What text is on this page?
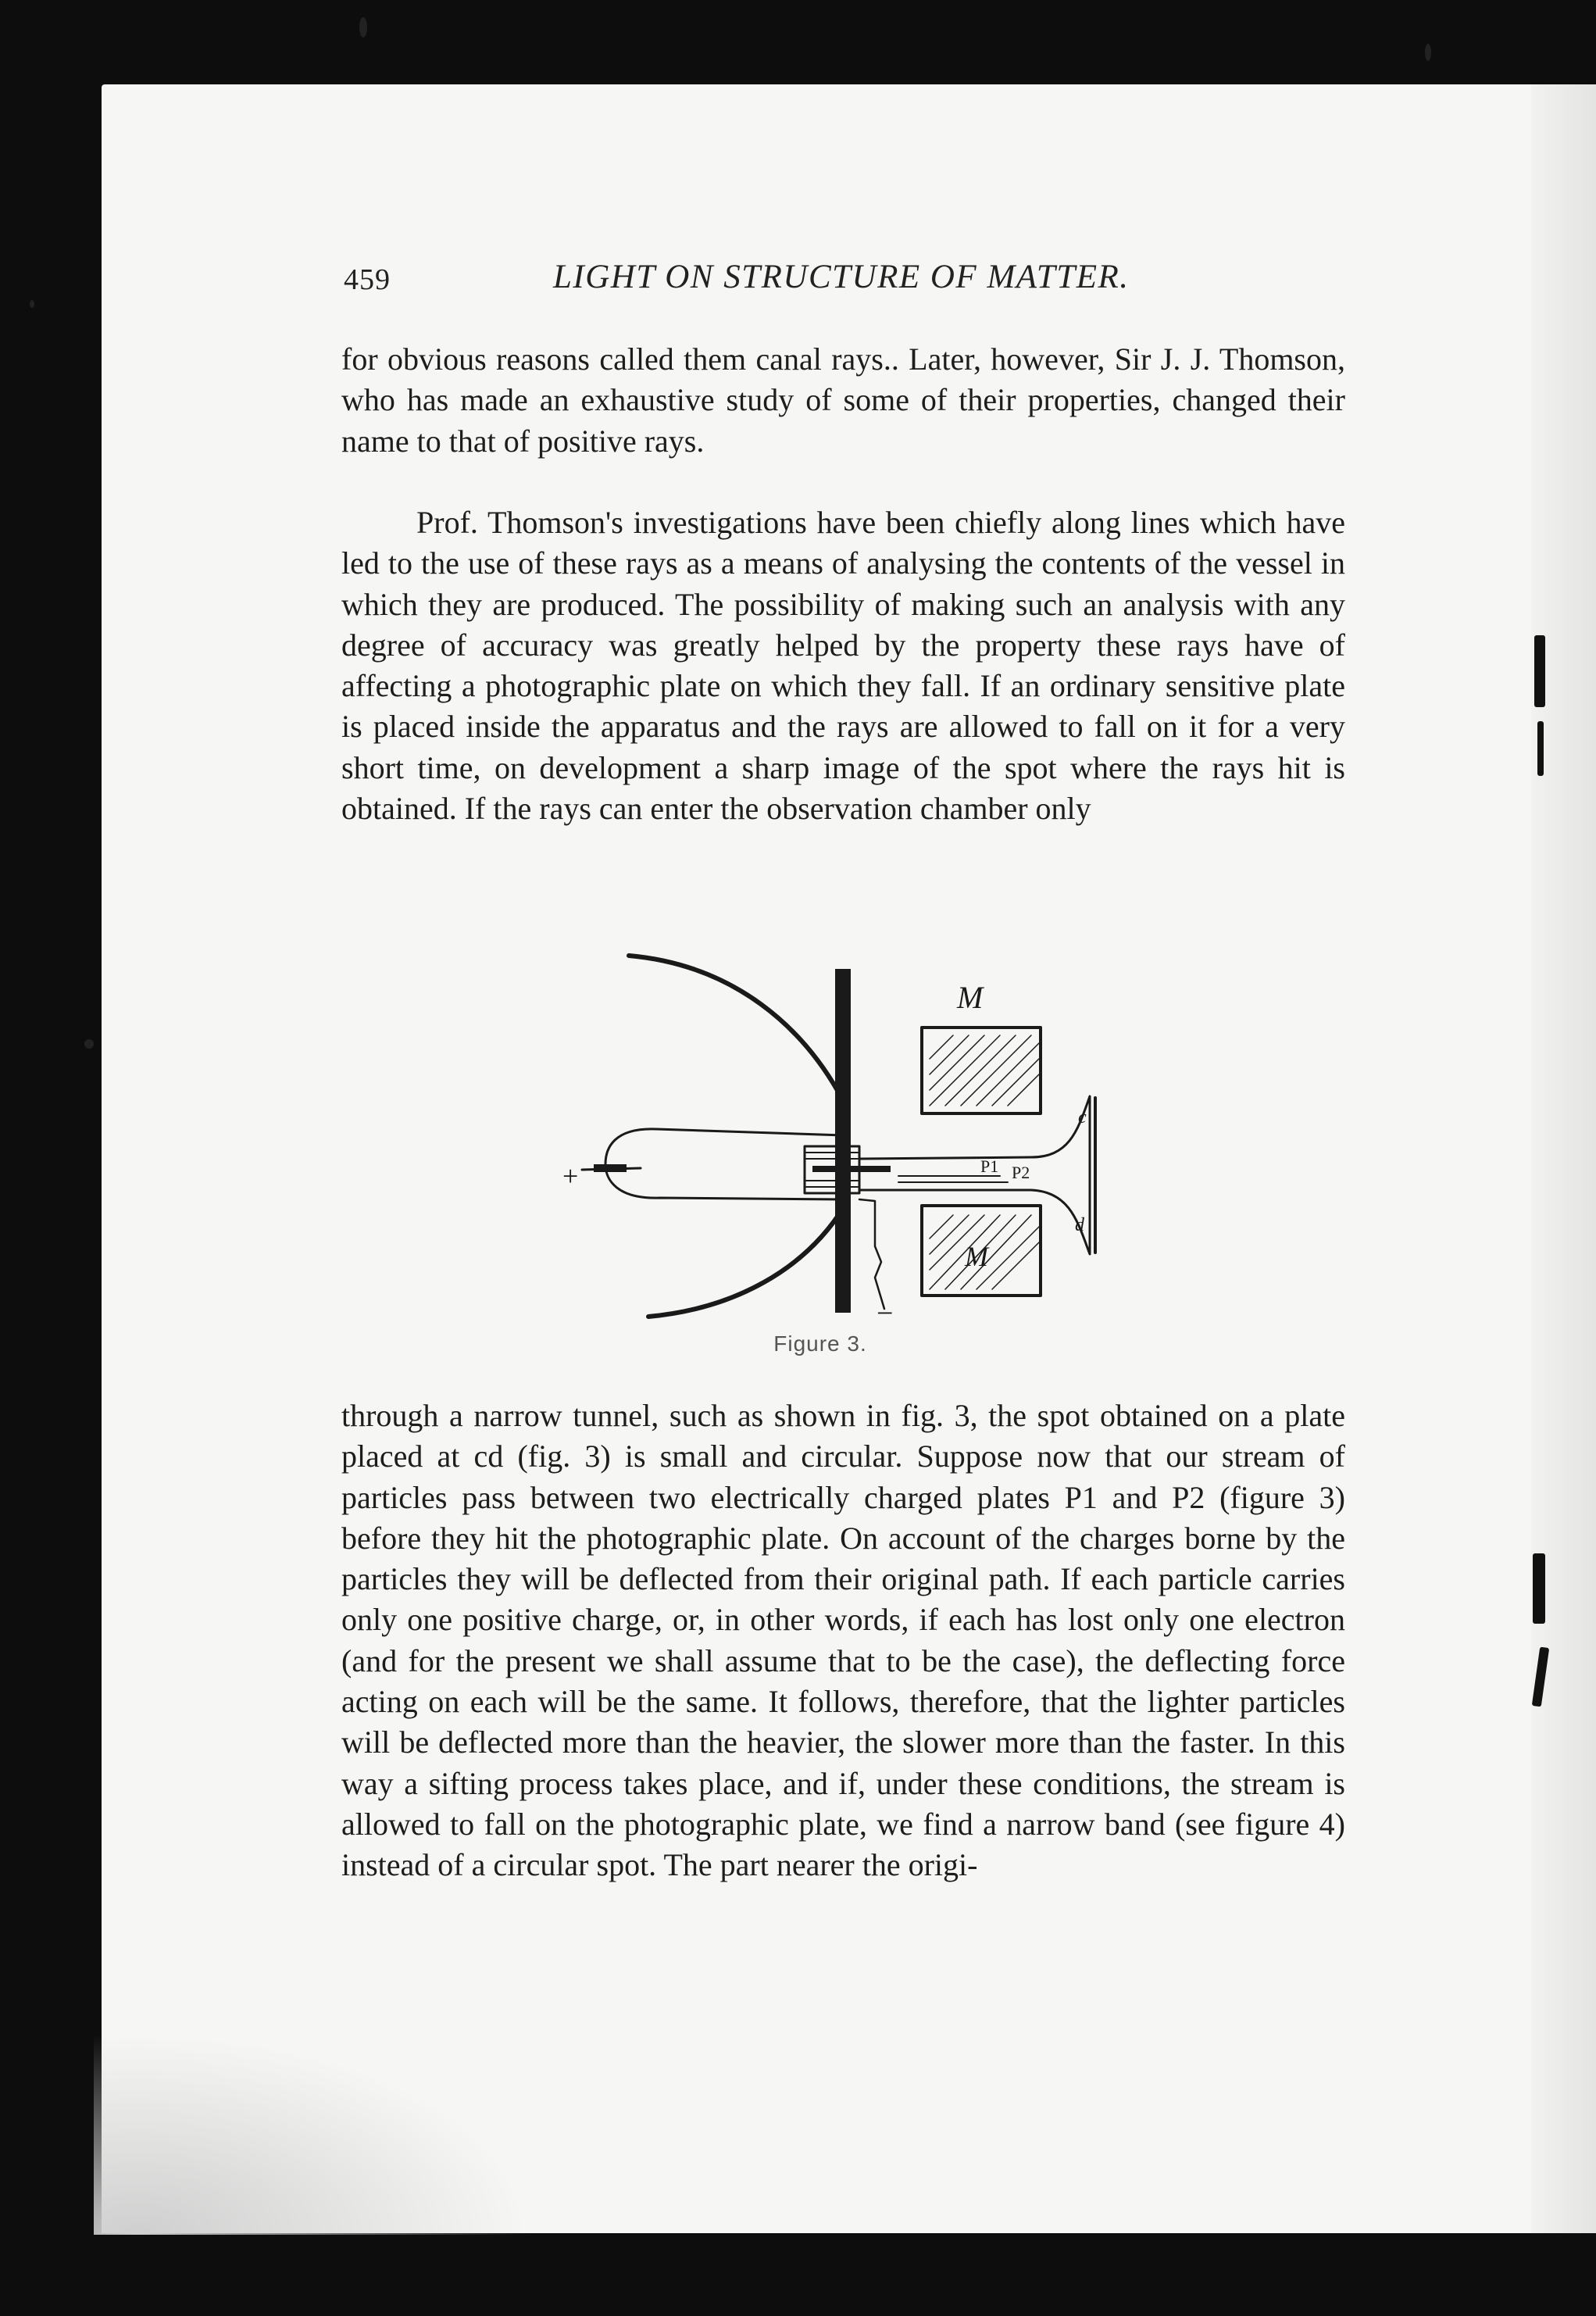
459	LIGHT ON STRUCTURE OF MATTER.

for obvious reasons called them canal rays.. Later, however, Sir J. J. Thomson, who has made an exhaustive study of some of their properties, changed their name to that of positive rays.

Prof. Thomson's investigations have been chiefly along lines which have led to the use of these rays as a means of analysing the contents of the vessel in which they are produced. The possibility of making such an analysis with any degree of accuracy was greatly helped by the property these rays have of affecting a photographic plate on which they fall. If an ordinary sensitive plate is placed inside the apparatus and the rays are allowed to fall on it for a very short time, on development a sharp image of the spot where the rays hit is obtained. If the rays can enter the observation chamber only

+
−
M
M
P1 P2
c
d
Figure 3.

through a narrow tunnel, such as shown in fig. 3, the spot obtained on a plate placed at cd (fig. 3) is small and circular. Suppose now that our stream of particles pass between two electrically charged plates P1 and P2 (figure 3) before they hit the photographic plate. On account of the charges borne by the particles they will be deflected from their original path. If each particle carries only one positive charge, or, in other words, if each has lost only one electron (and for the present we shall assume that to be the case), the deflecting force acting on each will be the same. It follows, therefore, that the lighter particles will be deflected more than the heavier, the slower more than the faster. In this way a sifting process takes place, and if, under these conditions, the stream is allowed to fall on the photographic plate, we find a narrow band (see figure 4) instead of a circular spot. The part nearer the origi-
